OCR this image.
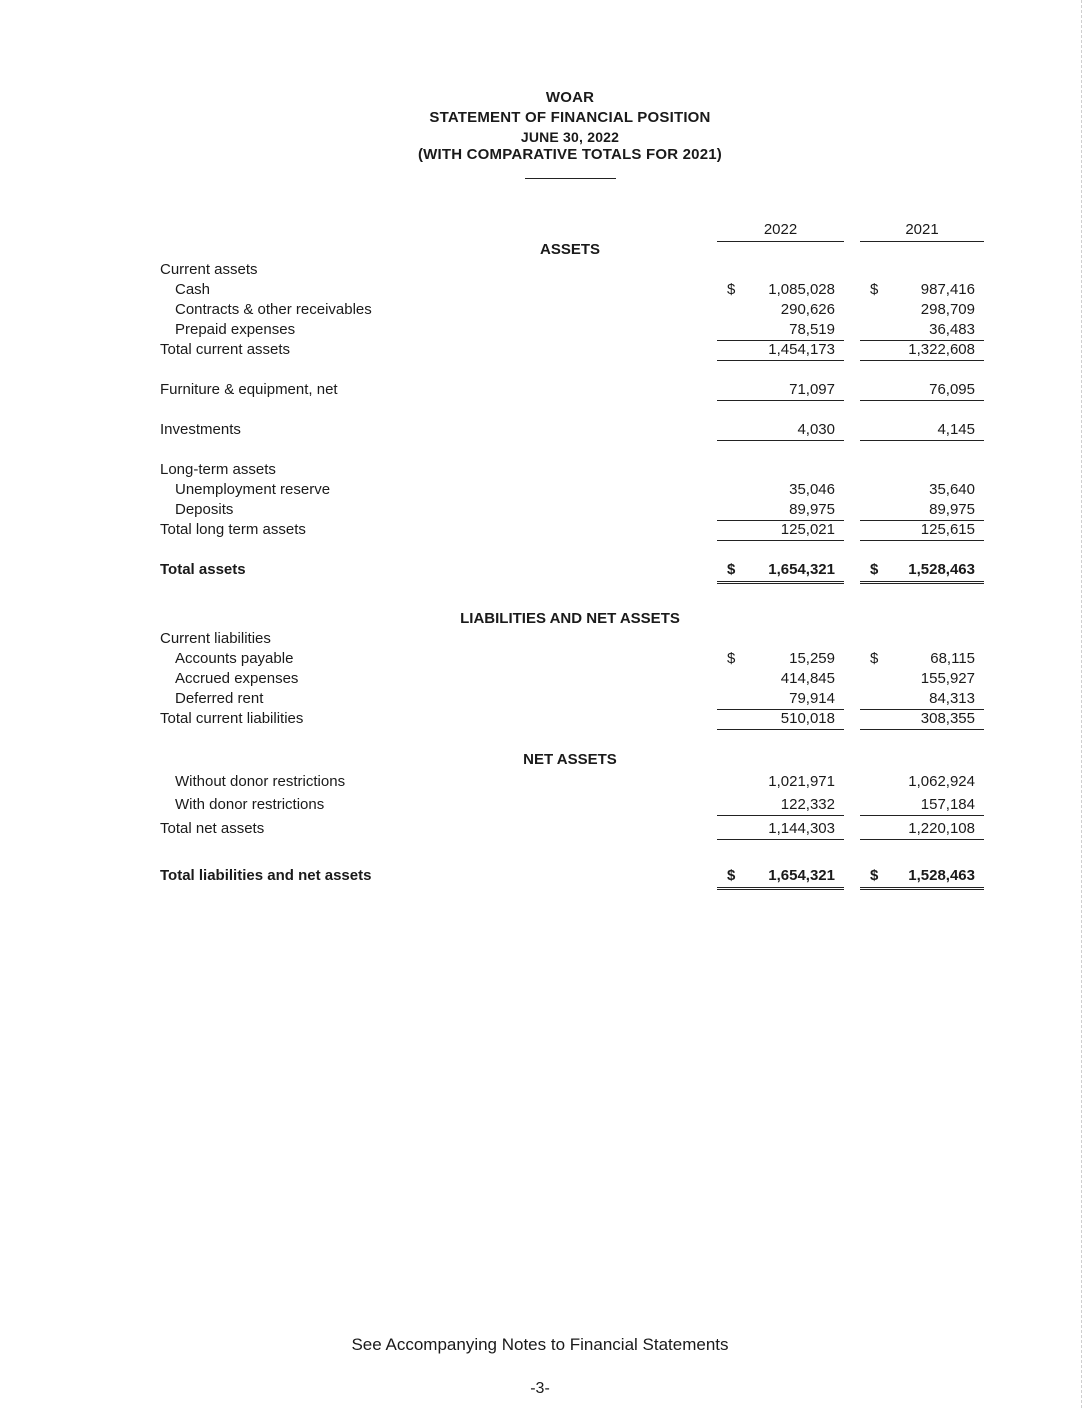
WOAR
STATEMENT OF FINANCIAL POSITION
JUNE 30, 2022
(WITH COMPARATIVE TOTALS FOR 2021)
2022	2021
ASSETS
Current assets
Cash	$ 1,085,028 $	987,416
Contracts & other receivables	290,626	298,709
Prepaid expenses	78,519	36,483
Total current assets	1,454,173	1,322,608
Furniture & equipment, net	71,097	76,095
Investments	4,030	4,145
Long-term assets
Unemployment reserve	35,046	35,640
Deposits	89,975	89,975
Total long term assets	125,021	125,615
Total assets	$ 1,654,321 $ 1,528,463
LIABILITIES AND NET ASSETS
Current liabilities
Accounts payable	$	15,259 $	68,115
Accrued expenses	414,845	155,927
Deferred rent	79,914	84,313
Total current liabilities	510,018	308,355
NET ASSETS
Without donor restrictions	1,021,971	1,062,924
With donor restrictions	122,332	157,184
Total net assets	1,144,303	1,220,108
Total liabilities and net assets	$ 1,654,321 $ 1,528,463
See Accompanying Notes to Financial Statements
-3-
